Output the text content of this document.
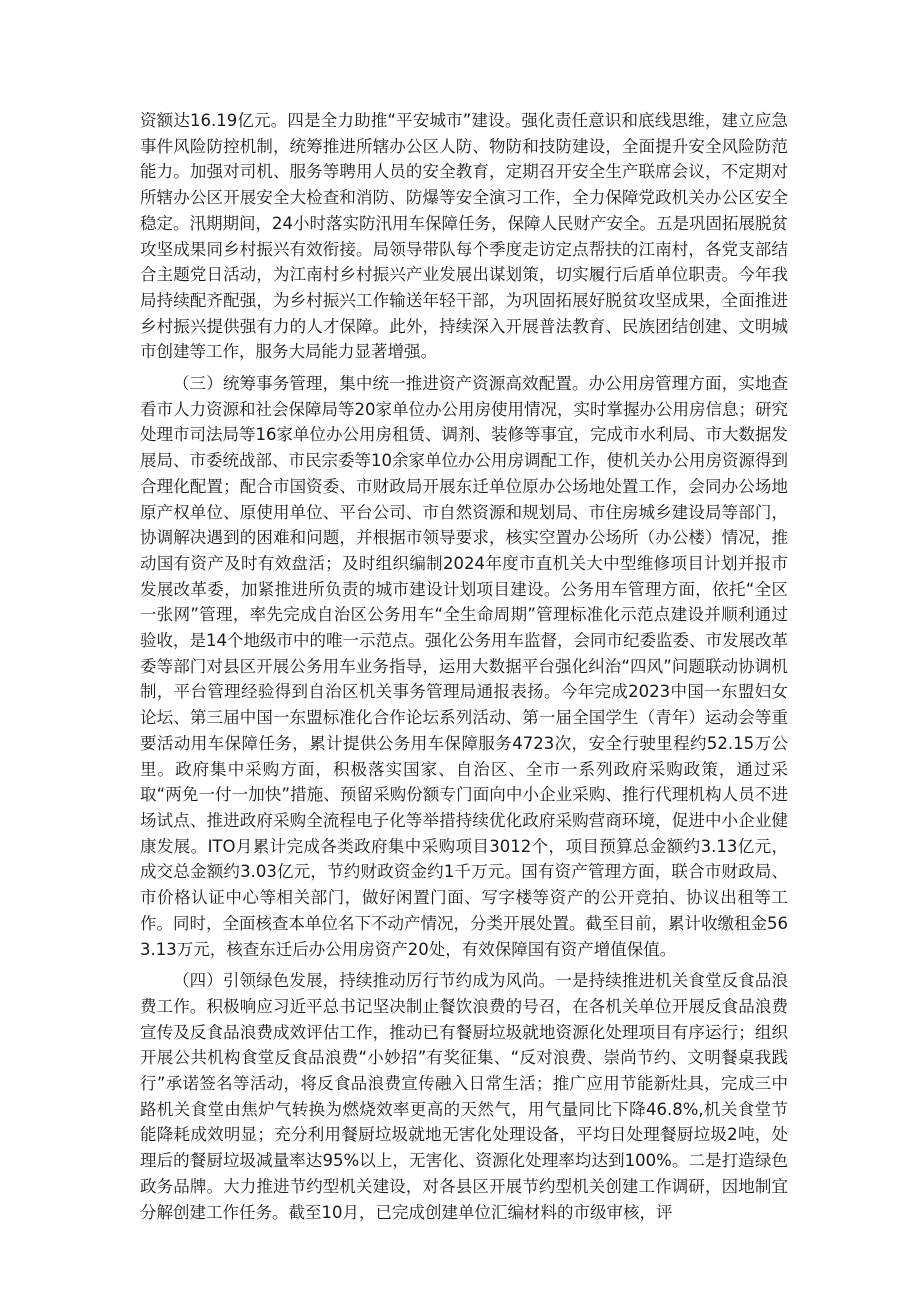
资额达16.19亿元。四是全力助推“平安城市”建设。强化责任意识和底线思维，建立应急事件风险防控机制，统筹推进所辖办公区人防、物防和技防建设，全面提升安全风险防范能力。加强对司机、服务等聘用人员的安全教育，定期召开安全生产联席会议，不定期对所辖办公区开展安全大检查和消防、防爆等安全演习工作，全力保障党政机关办公区安全稳定。汛期期间，24小时落实防汛用车保障任务，保障人民财产安全。五是巩固拓展脱贫攻坚成果同乡村振兴有效衔接。局领导带队每个季度走访定点帮扶的江南村，各党支部结合主题党日活动，为江南村乡村振兴产业发展出谋划策，切实履行后盾单位职责。今年我局持续配齐配强，为乡村振兴工作输送年轻干部，为巩固拓展好脱贫攻坚成果，全面推进乡村振兴提供强有力的人才保障。此外，持续深入开展普法教育、民族团结创建、文明城市创建等工作，服务大局能力显著增强。

（三）统筹事务管理，集中统一推进资产资源高效配置。办公用房管理方面，实地查看市人力资源和社会保障局等20家单位办公用房使用情况，实时掌握办公用房信息；研究处理市司法局等16家单位办公用房租赁、调剂、装修等事宜，完成市水利局、市大数据发展局、市委统战部、市民宗委等10余家单位办公用房调配工作，使机关办公用房资源得到合理化配置；配合市国资委、市财政局开展东迁单位原办公场地处置工作，会同办公场地原产权单位、原使用单位、平台公司、市自然资源和规划局、市住房城乡建设局等部门，协调解决遇到的困难和问题，并根据市领导要求，核实空置办公场所（办公楼）情况，推动国有资产及时有效盘活；及时组织编制2024年度市直机关大中型维修项目计划并报市发展改革委，加紧推进所负责的城市建设计划项目建设。公务用车管理方面，依托“全区一张网”管理，率先完成自治区公务用车“全生命周期”管理标准化示范点建设并顺利通过验收，是14个地级市中的唯一示范点。强化公务用车监督，会同市纪委监委、市发展改革委等部门对县区开展公务用车业务指导，运用大数据平台强化纠治“四风”问题联动协调机制，平台管理经验得到自治区机关事务管理局通报表扬。今年完成2023中国一东盟妇女论坛、第三届中国一东盟标准化合作论坛系列活动、第一届全国学生（青年）运动会等重要活动用车保障任务，累计提供公务用车保障服务4723次，安全行驶里程约52.15万公里。政府集中采购方面，积极落实国家、自治区、全市一系列政府采购政策，通过采取“两免一付一加快”措施、预留采购份额专门面向中小企业采购、推行代理机构人员不进场试点、推进政府采购全流程电子化等举措持续优化政府采购营商环境，促进中小企业健康发展。ITO月累计完成各类政府集中采购项目3012个，项目预算总金额约3.13亿元，成交总金额约3.03亿元，节约财政资金约1千万元。国有资产管理方面，联合市财政局、市价格认证中心等相关部门，做好闲置门面、写字楼等资产的公开竞拍、协议出租等工作。同时，全面核查本单位名下不动产情况，分类开展处置。截至目前，累计收缴租金563.13万元，核查东迁后办公用房资产20处，有效保障国有资产增值保值。

（四）引领绿色发展，持续推动厉行节约成为风尚。一是持续推进机关食堂反食品浪费工作。积极响应习近平总书记坚决制止餐饮浪费的号召，在各机关单位开展反食品浪费宣传及反食品浪费成效评估工作，推动已有餐厨垃圾就地资源化处理项目有序运行；组织开展公共机构食堂反食品浪费“小妙招”有奖征集、“反对浪费、崇尚节约、文明餐桌我践行”承诺签名等活动，将反食品浪费宣传融入日常生活；推广应用节能新灶具，完成三中路机关食堂由焦炉气转换为燃烧效率更高的天然气，用气量同比下降46.8%,机关食堂节能降耗成效明显；充分利用餐厨垃圾就地无害化处理设备，平均日处理餐厨垃圾2吨，处理后的餐厨垃圾减量率达95%以上，无害化、资源化处理率均达到100%。二是打造绿色政务品牌。大力推进节约型机关建设，对各县区开展节约型机关创建工作调研，因地制宜分解创建工作任务。截至10月，已完成创建单位汇编材料的市级审核，评
